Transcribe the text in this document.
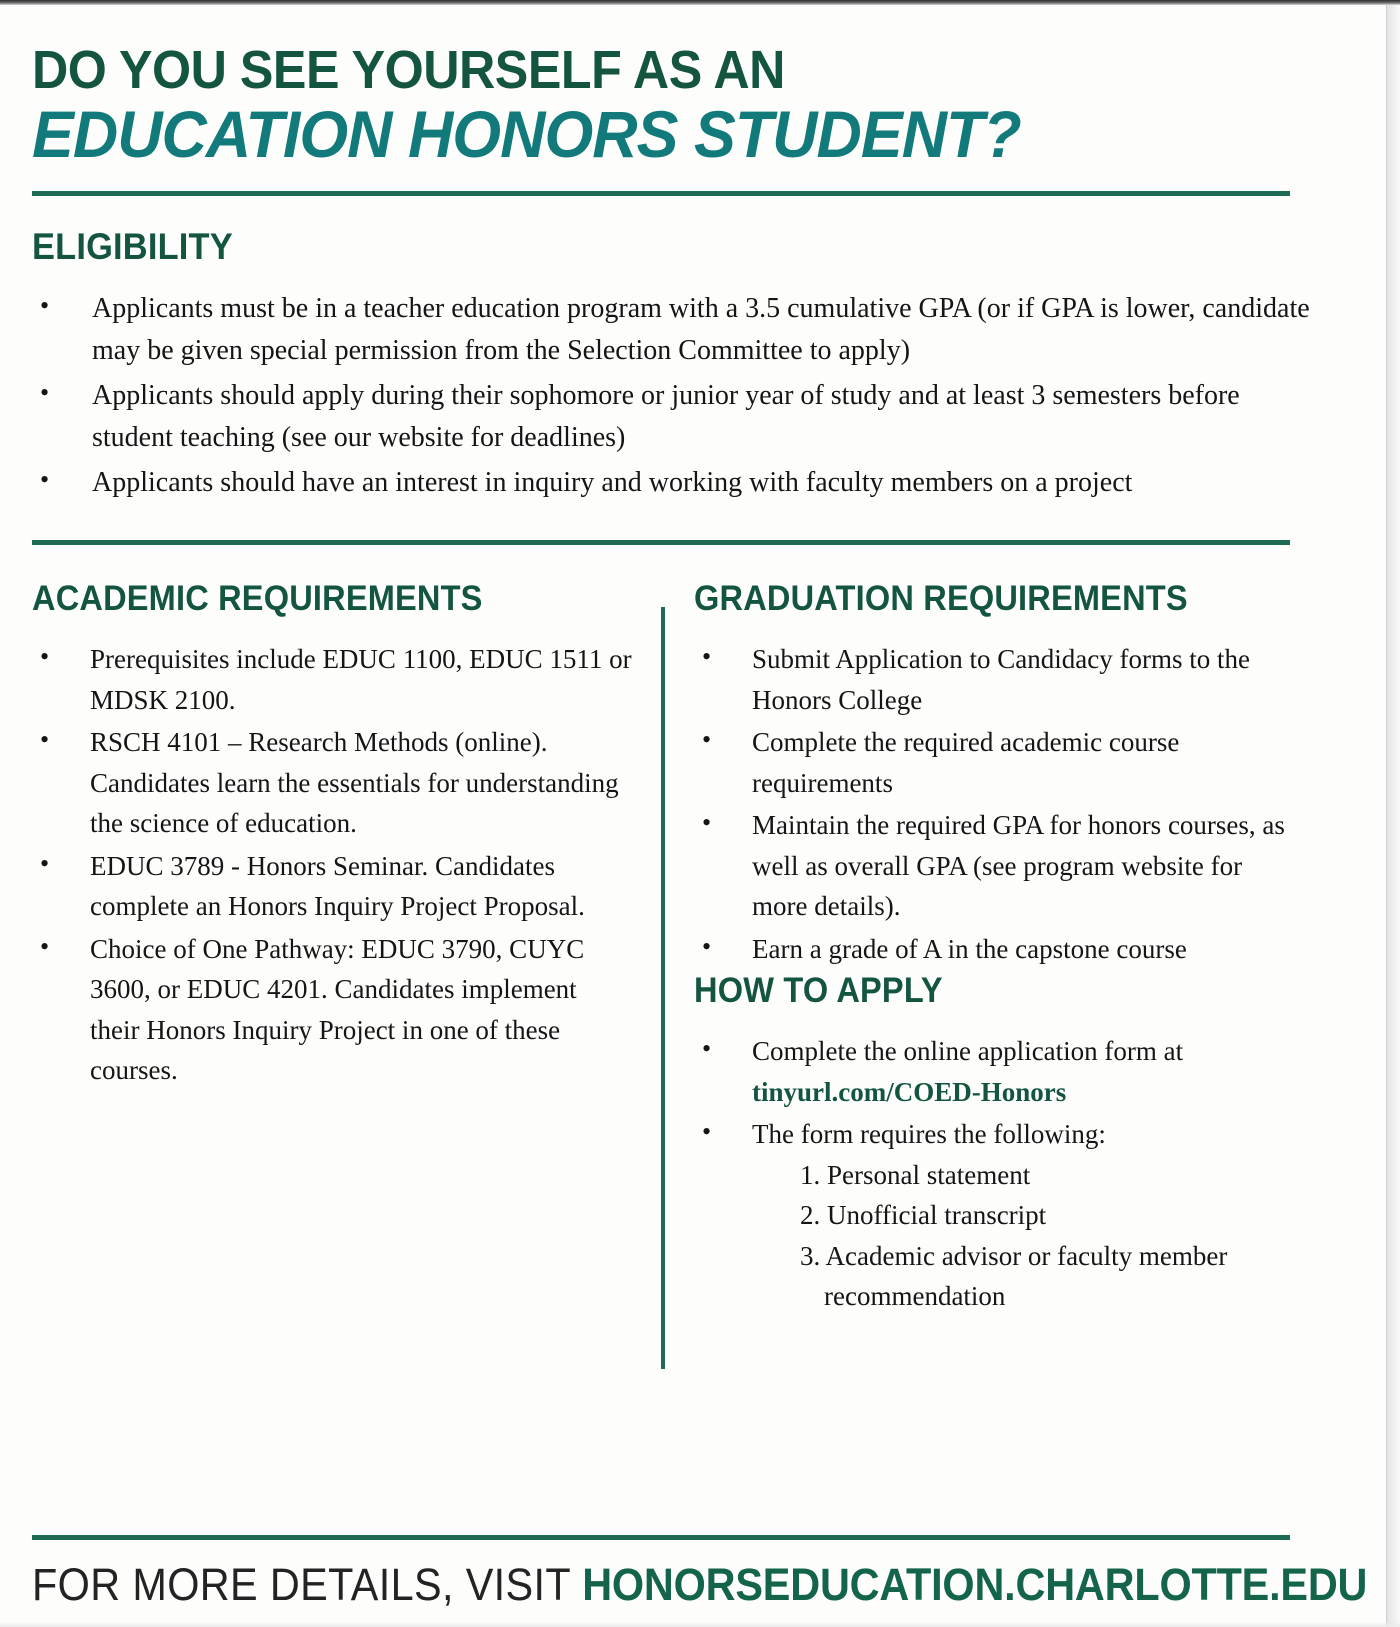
DO YOU SEE YOURSELF AS AN
EDUCATION HONORS STUDENT?
ELIGIBILITY
• Applicants must be in a teacher education program with a 3.5 cumulative GPA (or if GPA is lower, candidate may be given special permission from the Selection Committee to apply)
• Applicants should apply during their sophomore or junior year of study and at least 3 semesters before student teaching (see our website for deadlines)
• Applicants should have an interest in inquiry and working with faculty members on a project
ACADEMIC REQUIREMENTS
• Prerequisites include EDUC 1100, EDUC 1511 or MDSK 2100.
• RSCH 4101 – Research Methods (online). Candidates learn the essentials for understanding the science of education.
• EDUC 3789 - Honors Seminar. Candidates complete an Honors Inquiry Project Proposal.
• Choice of One Pathway: EDUC 3790, CUYC 3600, or EDUC 4201. Candidates implement their Honors Inquiry Project in one of these courses.
GRADUATION REQUIREMENTS
• Submit Application to Candidacy forms to the Honors College
• Complete the required academic course requirements
• Maintain the required GPA for honors courses, as well as overall GPA (see program website for more details).
• Earn a grade of A in the capstone course
HOW TO APPLY
• Complete the online application form at tinyurl.com/COED-Honors
• The form requires the following:
1. Personal statement
2. Unofficial transcript
3. Academic advisor or faculty member recommendation
FOR MORE DETAILS, VISIT HONORSEDUCATION.CHARLOTTE.EDU
